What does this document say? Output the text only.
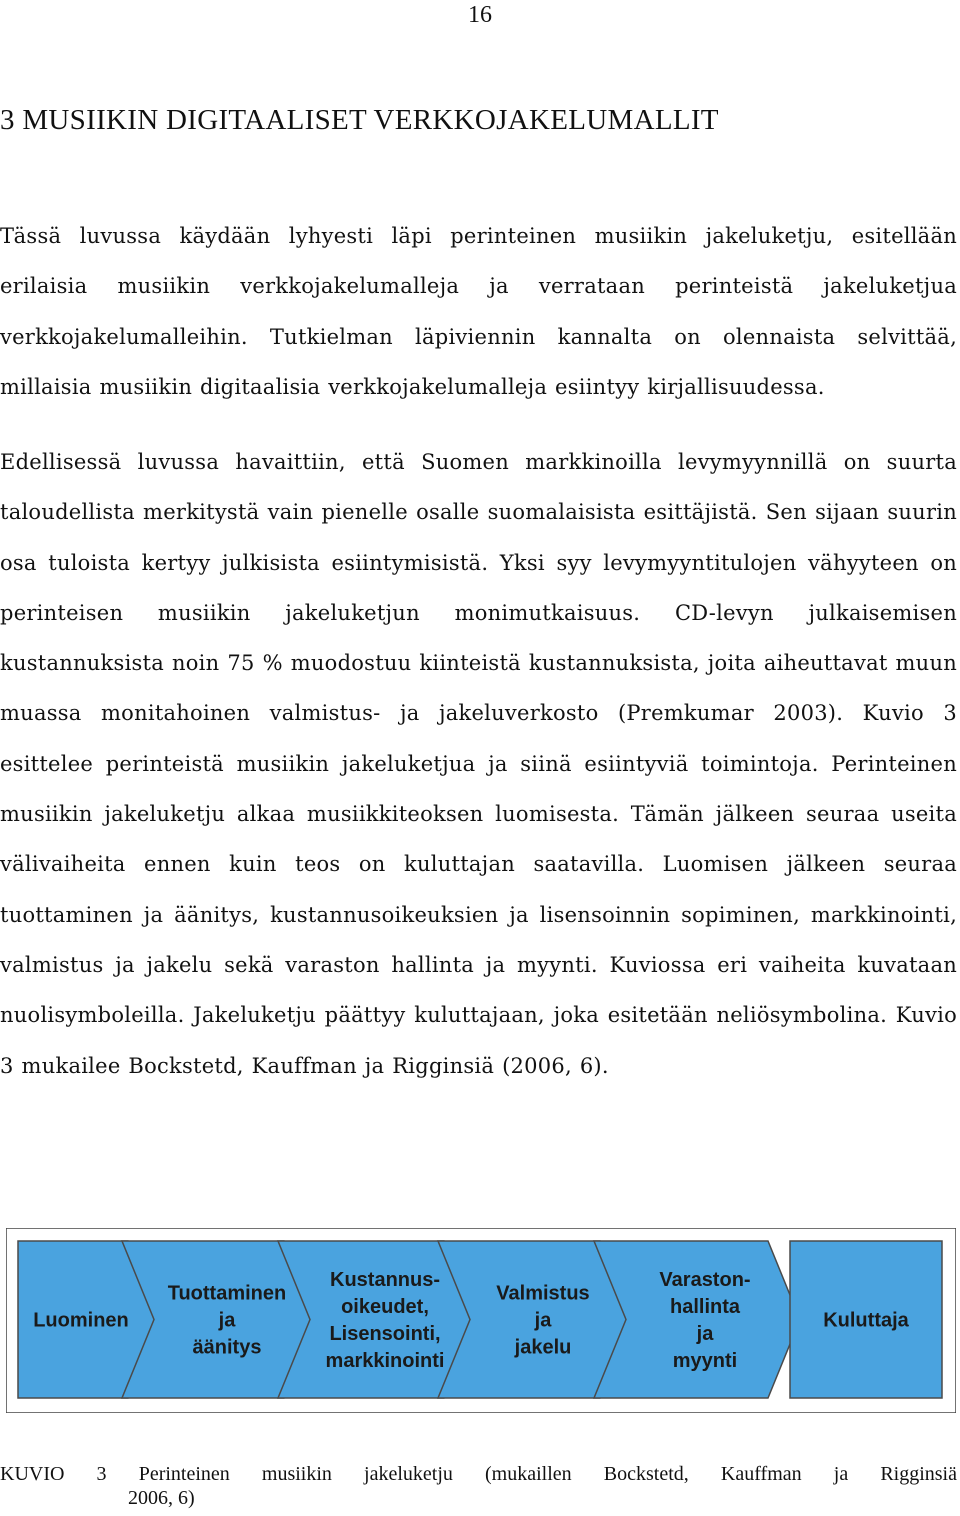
16
3 MUSIIKIN DIGITAALISET VERKKOJAKELUMALLIT

Tässä luvussa käydään lyhyesti läpi perinteinen musiikin jakeluketju, esitellään erilaisia musiikin verkkojakelumalleja ja verrataan perinteistä jakeluketjua verkkojakelumalleihin. Tutkielman läpiviennin kannalta on olennaista selvittää, millaisia musiikin digitaalisia verkkojakelumalleja esiintyy kirjallisuudessa.

Edellisessä luvussa havaittiin, että Suomen markkinoilla levymyynnillä on suurta taloudellista merkitystä vain pienelle osalle suomalaisista esittäjistä. Sen sijaan suurin osa tuloista kertyy julkisista esiintymisistä. Yksi syy levymyyntitulojen vähyyteen on perinteisen musiikin jakeluketjun monimutkaisuus. CD-levyn julkaisemisen kustannuksista noin 75 % muodostuu kiinteistä kustannuksista, joita aiheuttavat muun muassa monitahoinen valmistus- ja jakeluverkosto (Premkumar 2003). Kuvio 3 esittelee perinteistä musiikin jakeluketjua ja siinä esiintyviä toimintoja. Perinteinen musiikin jakeluketju alkaa musiikkiteoksen luomisesta. Tämän jälkeen seuraa useita välivaiheita ennen kuin teos on kuluttajan saatavilla. Luomisen jälkeen seuraa tuottaminen ja äänitys, kustannusoikeuksien ja lisensoinnin sopiminen, markkinointi, valmistus ja jakelu sekä varaston hallinta ja myynti. Kuviossa eri vaiheita kuvataan nuolisymboleilla. Jakeluketju päättyy kuluttajaan, joka esitetään neliösymbolina. Kuvio 3 mukailee Bockstetd, Kauffman ja Rigginsiä (2006, 6).

Luominen
Tuottaminen
ja
äänitys
Kustannus-
oikeudet,
Lisensointi,
markkinointi
Valmistus
ja
jakelu
Varaston-
hallinta
ja
myynti
Kuluttaja
KUVIO 3 Perinteinen musiikin jakeluketju (mukaillen Bockstetd, Kauffman ja Rigginsiä
2006, 6)
